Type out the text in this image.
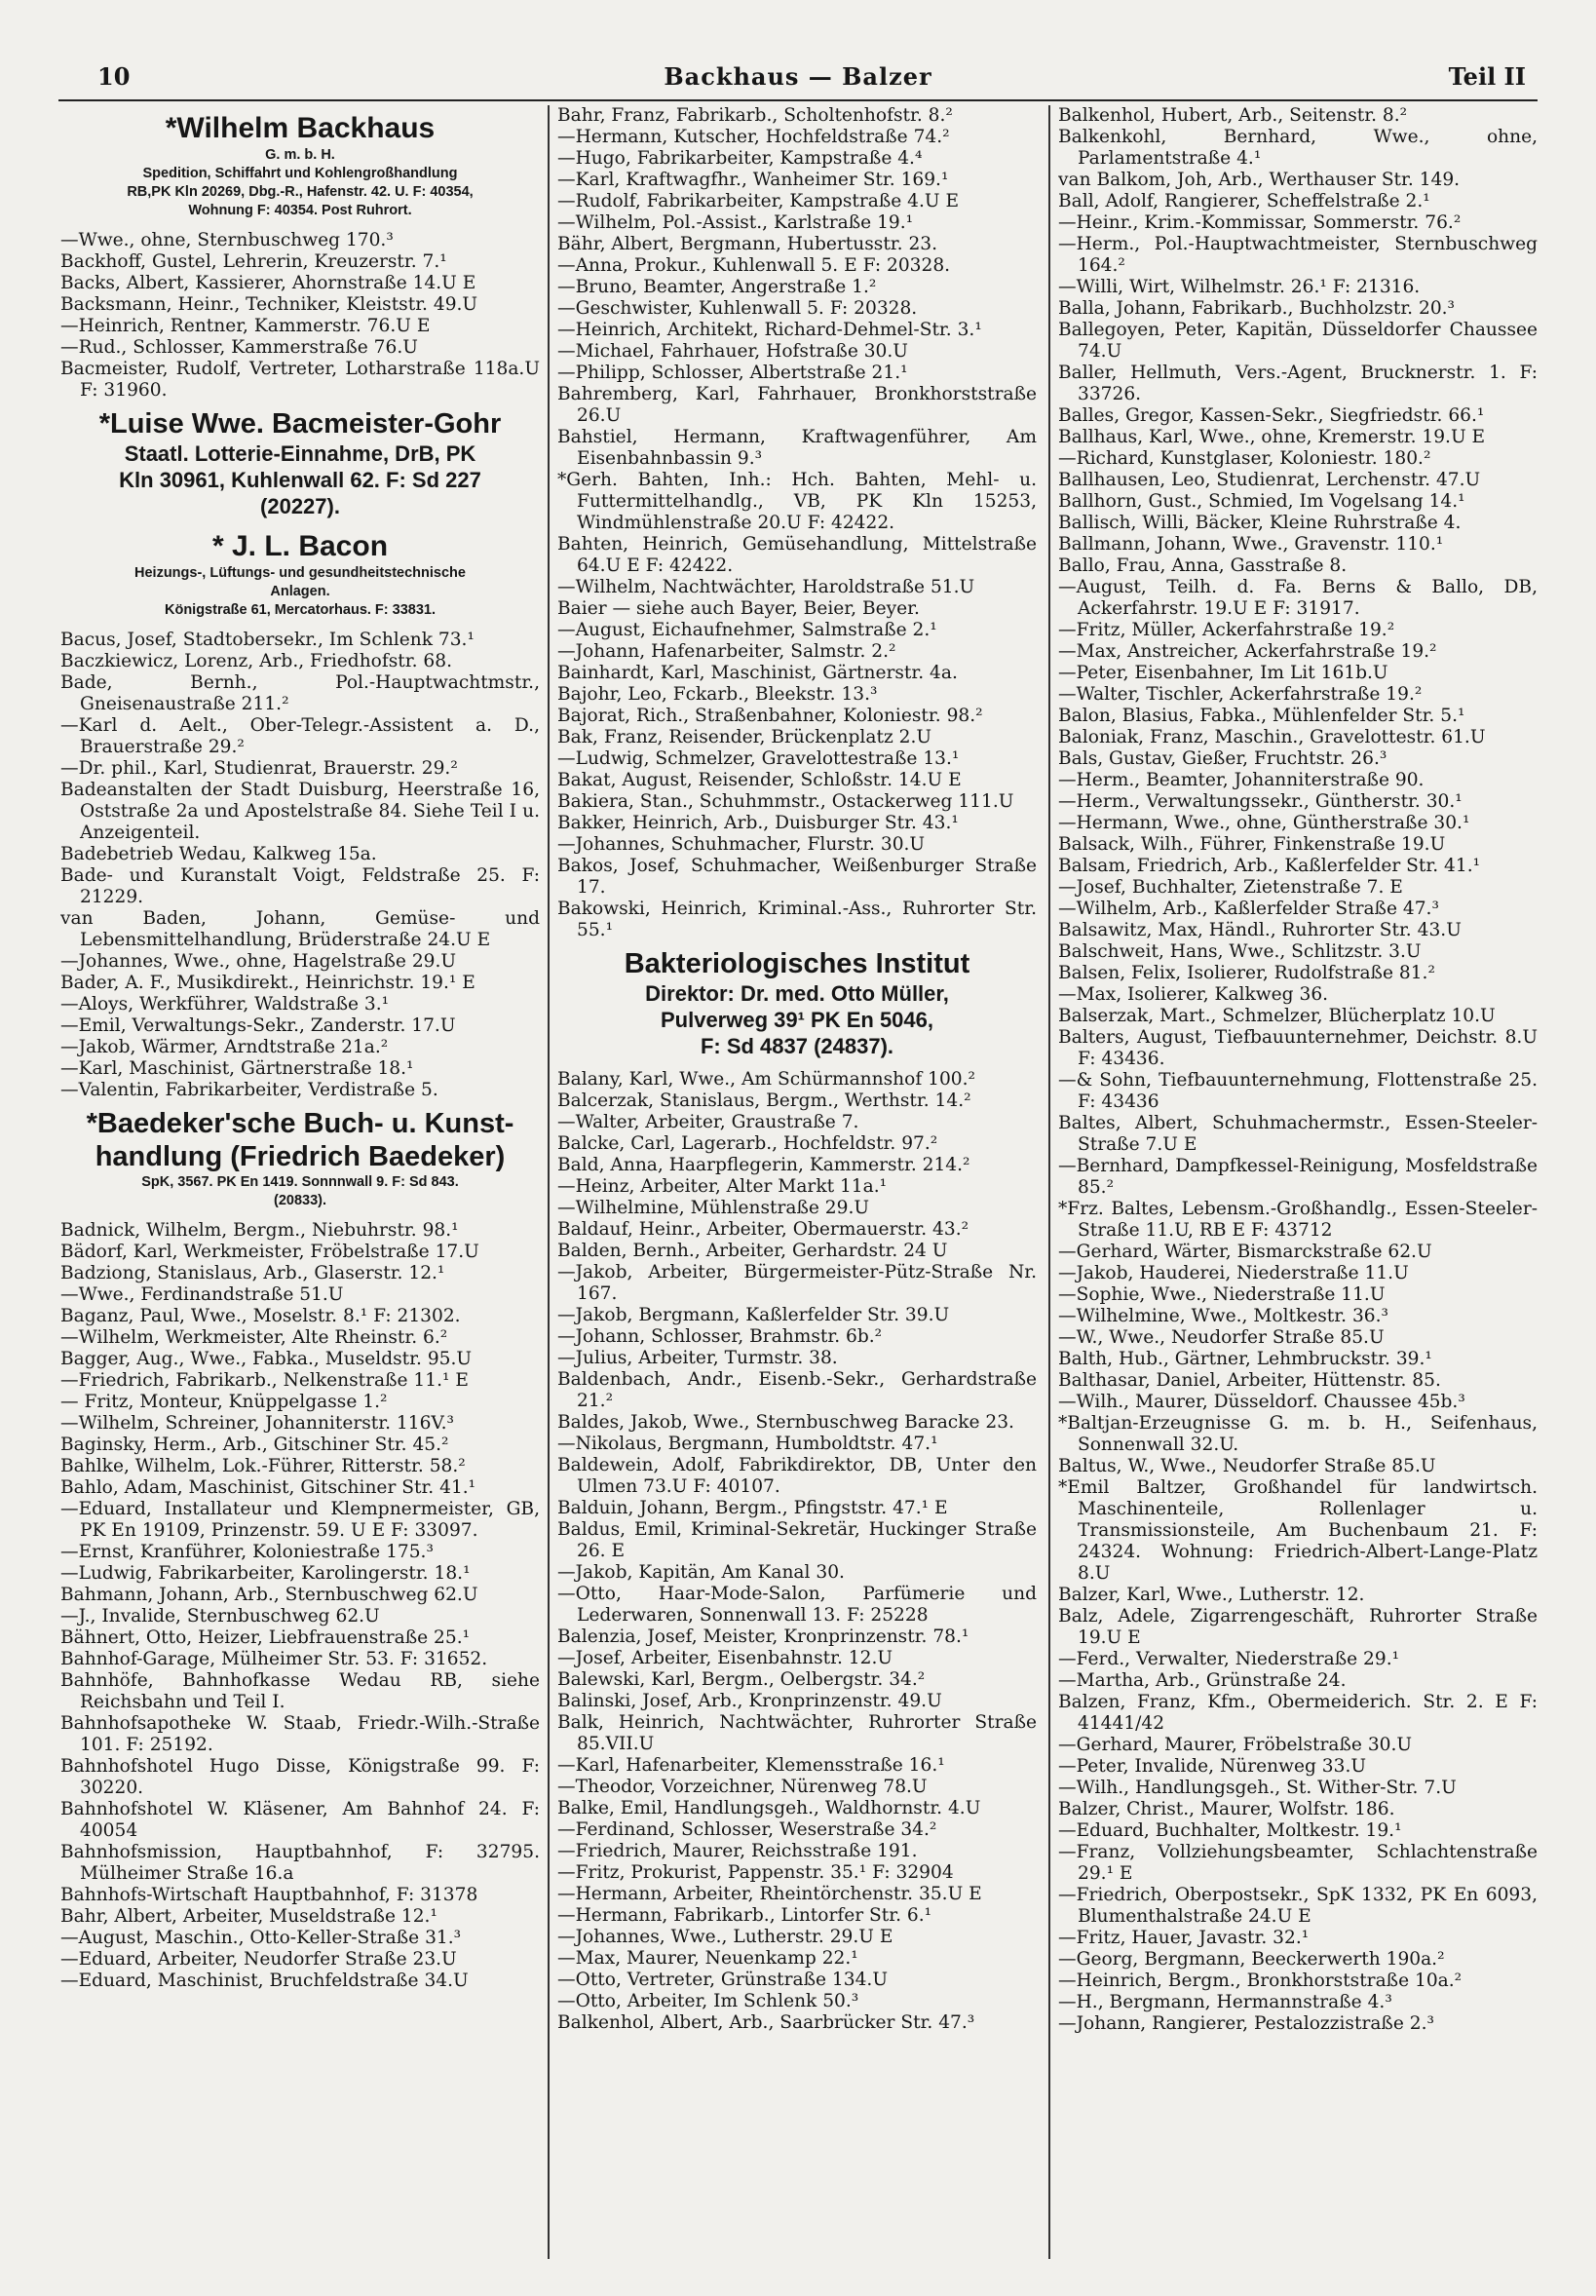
10	Backhaus — Balzer	Teil II
*Wilhelm Backhaus
G. m. b. H.
Spedition, Schiffahrt und Kohlengroßhandlung
RB,PK Kln 20269, Dbg.-R., Hafenstr. 42. U. F: 40354,
Wohnung F: 40354. Post Ruhrort.
—Wwe., ohne, Sternbuschweg 170.³
Backhoff, Gustel, Lehrerin, Kreuzerstr. 7.¹
Backs, Albert, Kassierer, Ahornstraße 14.U E
Backsmann, Heinr., Techniker, Kleiststr. 49.U
—Heinrich, Rentner, Kammerstr. 76.U E
—Rud., Schlosser, Kammerstraße 76.U
Bacmeister, Rudolf, Vertreter, Lotharstraße 118a.U F: 31960.
*Luise Wwe. Bacmeister-Gohr
Staatl. Lotterie-Einnahme, DrB, PK
Kln 30961, Kuhlenwall 62. F: Sd 227
(20227).
* J. L. Bacon
Heizungs-, Lüftungs- und gesundheitstechnische
Anlagen.
Königstraße 61, Mercatorhaus. F: 33831.
Bacus, Josef, Stadtobersekr., Im Schlenk 73.¹
Baczkiewicz, Lorenz, Arb., Friedhofstr. 68.
Bade, Bernh., Pol.-Hauptwachtmstr., Gneisenaustraße 211.²
—Karl d. Aelt., Ober-Telegr.-Assistent a. D., Brauerstraße 29.²
—Dr. phil., Karl, Studienrat, Brauerstr. 29.²
Badeanstalten der Stadt Duisburg, Heerstraße 16, Oststraße 2a und Apostelstraße 84. Siehe Teil I u. Anzeigenteil.
Badebetrieb Wedau, Kalkweg 15a.
Bade- und Kuranstalt Voigt, Feldstraße 25. F: 21229.
van Baden, Johann, Gemüse- und Lebensmittelhandlung, Brüderstraße 24.U E
—Johannes, Wwe., ohne, Hagelstraße 29.U
Bader, A. F., Musikdirekt., Heinrichstr. 19.¹ E
—Aloys, Werkführer, Waldstraße 3.¹
—Emil, Verwaltungs-Sekr., Zanderstr. 17.U
—Jakob, Wärmer, Arndtstraße 21a.²
—Karl, Maschinist, Gärtnerstraße 18.¹
—Valentin, Fabrikarbeiter, Verdistraße 5.
*Baedeker'sche Buch- u. Kunst-
handlung (Friedrich Baedeker)
SpK, 3567. PK En 1419. Sonnnwall 9. F: Sd 843.
(20833).
Badnick, Wilhelm, Bergm., Niebuhrstr. 98.¹
Bädorf, Karl, Werkmeister, Fröbelstraße 17.U
Badziong, Stanislaus, Arb., Glaserstr. 12.¹
—Wwe., Ferdinandstraße 51.U
Baganz, Paul, Wwe., Moselstr. 8.¹ F: 21302.
—Wilhelm, Werkmeister, Alte Rheinstr. 6.²
Bagger, Aug., Wwe., Fabka., Museldstr. 95.U
—Friedrich, Fabrikarb., Nelkenstraße 11.¹ E
— Fritz, Monteur, Knüppelgasse 1.²
—Wilhelm, Schreiner, Johanniterstr. 116V.³
Baginsky, Herm., Arb., Gitschiner Str. 45.²
Bahlke, Wilhelm, Lok.-Führer, Ritterstr. 58.²
Bahlo, Adam, Maschinist, Gitschiner Str. 41.¹
—Eduard, Installateur und Klempnermeister, GB, PK En 19109, Prinzenstr. 59. U E F: 33097.
—Ernst, Kranführer, Koloniestraße 175.³
—Ludwig, Fabrikarbeiter, Karolingerstr. 18.¹
Bahmann, Johann, Arb., Sternbuschweg 62.U
—J., Invalide, Sternbuschweg 62.U
Bähnert, Otto, Heizer, Liebfrauenstraße 25.¹
Bahnhof-Garage, Mülheimer Str. 53. F: 31652.
Bahnhöfe, Bahnhofkasse Wedau RB, siehe Reichsbahn und Teil I.
Bahnhofsapotheke W. Staab, Friedr.-Wilh.-Straße 101. F: 25192.
Bahnhofshotel Hugo Disse, Königstraße 99. F: 30220.
Bahnhofshotel W. Kläsener, Am Bahnhof 24. F: 40054
Bahnhofsmission, Hauptbahnhof, F: 32795. Mülheimer Straße 16.a
Bahnhofs-Wirtschaft Hauptbahnhof, F: 31378
Bahr, Albert, Arbeiter, Museldstraße 12.¹
—August, Maschin., Otto-Keller-Straße 31.³
—Eduard, Arbeiter, Neudorfer Straße 23.U
—Eduard, Maschinist, Bruchfeldstraße 34.U
Bahr, Franz, Fabrikarb., Scholtenhofstr. 8.²
—Hermann, Kutscher, Hochfeldstraße 74.²
—Hugo, Fabrikarbeiter, Kampstraße 4.⁴
—Karl, Kraftwagfhr., Wanheimer Str. 169.¹
—Rudolf, Fabrikarbeiter, Kampstraße 4.U E
—Wilhelm, Pol.-Assist., Karlstraße 19.¹
Bähr, Albert, Bergmann, Hubertusstr. 23.
—Anna, Prokur., Kuhlenwall 5. E F: 20328.
—Bruno, Beamter, Angerstraße 1.²
—Geschwister, Kuhlenwall 5. F: 20328.
—Heinrich, Architekt, Richard-Dehmel-Str. 3.¹
—Michael, Fahrhauer, Hofstraße 30.U
—Philipp, Schlosser, Albertstraße 21.¹
Bahremberg, Karl, Fahrhauer, Bronkhorststraße 26.U
Bahstiel, Hermann, Kraftwagenführer, Am Eisenbahnbassin 9.³
*Gerh. Bahten, Inh.: Hch. Bahten, Mehl- u. Futtermittelhandlg., VB, PK Kln 15253, Windmühlenstraße 20.U F: 42422.
Bahten, Heinrich, Gemüsehandlung, Mittelstraße 64.U E F: 42422.
—Wilhelm, Nachtwächter, Haroldstraße 51.U
Baier — siehe auch Bayer, Beier, Beyer.
—August, Eichaufnehmer, Salmstraße 2.¹
—Johann, Hafenarbeiter, Salmstr. 2.²
Bainhardt, Karl, Maschinist, Gärtnerstr. 4a.
Bajohr, Leo, Fckarb., Bleekstr. 13.³
Bajorat, Rich., Straßenbahner, Koloniestr. 98.²
Bak, Franz, Reisender, Brückenplatz 2.U
—Ludwig, Schmelzer, Gravelottestraße 13.¹
Bakat, August, Reisender, Schloßstr. 14.U E
Bakiera, Stan., Schuhmmstr., Ostackerweg 111.U
Bakker, Heinrich, Arb., Duisburger Str. 43.¹
—Johannes, Schuhmacher, Flurstr. 30.U
Bakos, Josef, Schuhmacher, Weißenburger Straße 17.
Bakowski, Heinrich, Kriminal.-Ass., Ruhrorter Str. 55.¹
Bakteriologisches Institut
Direktor: Dr. med. Otto Müller,
Pulverweg 39¹ PK En 5046,
F: Sd 4837 (24837).
Balany, Karl, Wwe., Am Schürmannshof 100.²
Balcerzak, Stanislaus, Bergm., Werthstr. 14.²
—Walter, Arbeiter, Graustraße 7.
Balcke, Carl, Lagerarb., Hochfeldstr. 97.²
Bald, Anna, Haarpflegerin, Kammerstr. 214.²
—Heinz, Arbeiter, Alter Markt 11a.¹
—Wilhelmine, Mühlenstraße 29.U
Baldauf, Heinr., Arbeiter, Obermauerstr. 43.²
Balden, Bernh., Arbeiter, Gerhardstr. 24 U
—Jakob, Arbeiter, Bürgermeister-Pütz-Straße Nr. 167.
—Jakob, Bergmann, Kaßlerfelder Str. 39.U
—Johann, Schlosser, Brahmstr. 6b.²
—Julius, Arbeiter, Turmstr. 38.
Baldenbach, Andr., Eisenb.-Sekr., Gerhardstraße 21.²
Baldes, Jakob, Wwe., Sternbuschweg Baracke 23.
—Nikolaus, Bergmann, Humboldtstr. 47.¹
Baldewein, Adolf, Fabrikdirektor, DB, Unter den Ulmen 73.U F: 40107.
Balduin, Johann, Bergm., Pfingststr. 47.¹ E
Baldus, Emil, Kriminal-Sekretär, Huckinger Straße 26. E
—Jakob, Kapitän, Am Kanal 30.
—Otto, Haar-Mode-Salon, Parfümerie und Lederwaren, Sonnenwall 13. F: 25228
Balenzia, Josef, Meister, Kronprinzenstr. 78.¹
—Josef, Arbeiter, Eisenbahnstr. 12.U
Balewski, Karl, Bergm., Oelbergstr. 34.²
Balinski, Josef, Arb., Kronprinzenstr. 49.U
Balk, Heinrich, Nachtwächter, Ruhrorter Straße 85.VII.U
—Karl, Hafenarbeiter, Klemensstraße 16.¹
—Theodor, Vorzeichner, Nürenweg 78.U
Balke, Emil, Handlungsgeh., Waldhornstr. 4.U
—Ferdinand, Schlosser, Weserstraße 34.²
—Friedrich, Maurer, Reichsstraße 191.
—Fritz, Prokurist, Pappenstr. 35.¹ F: 32904
—Hermann, Arbeiter, Rheintörchenstr. 35.U E
—Hermann, Fabrikarb., Lintorfer Str. 6.¹
—Johannes, Wwe., Lutherstr. 29.U E
—Max, Maurer, Neuenkamp 22.¹
—Otto, Vertreter, Grünstraße 134.U
—Otto, Arbeiter, Im Schlenk 50.³
Balkenhol, Albert, Arb., Saarbrücker Str. 47.³
Balkenhol, Hubert, Arb., Seitenstr. 8.²
Balkenkohl, Bernhard, Wwe., ohne, Parlamentstraße 4.¹
van Balkom, Joh, Arb., Werthauser Str. 149.
Ball, Adolf, Rangierer, Scheffelstraße 2.¹
—Heinr., Krim.-Kommissar, Sommerstr. 76.²
—Herm., Pol.-Hauptwachtmeister, Sternbuschweg 164.²
—Willi, Wirt, Wilhelmstr. 26.¹ F: 21316.
Balla, Johann, Fabrikarb., Buchholzstr. 20.³
Ballegoyen, Peter, Kapitän, Düsseldorfer Chaussee 74.U
Baller, Hellmuth, Vers.-Agent, Brucknerstr. 1. F: 33726.
Balles, Gregor, Kassen-Sekr., Siegfriedstr. 66.¹
Ballhaus, Karl, Wwe., ohne, Kremerstr. 19.U E
—Richard, Kunstglaser, Koloniestr. 180.²
Ballhausen, Leo, Studienrat, Lerchenstr. 47.U
Ballhorn, Gust., Schmied, Im Vogelsang 14.¹
Ballisch, Willi, Bäcker, Kleine Ruhrstraße 4.
Ballmann, Johann, Wwe., Gravenstr. 110.¹
Ballo, Frau, Anna, Gasstraße 8.
—August, Teilh. d. Fa. Berns & Ballo, DB, Ackerfahrstr. 19.U E F: 31917.
—Fritz, Müller, Ackerfahrstraße 19.²
—Max, Anstreicher, Ackerfahrstraße 19.²
—Peter, Eisenbahner, Im Lit 161b.U
—Walter, Tischler, Ackerfahrstraße 19.²
Balon, Blasius, Fabka., Mühlenfelder Str. 5.¹
Baloniak, Franz, Maschin., Gravelottestr. 61.U
Bals, Gustav, Gießer, Fruchtstr. 26.³
—Herm., Beamter, Johanniterstraße 90.
—Herm., Verwaltungssekr., Güntherstr. 30.¹
—Hermann, Wwe., ohne, Güntherstraße 30.¹
Balsack, Wilh., Führer, Finkenstraße 19.U
Balsam, Friedrich, Arb., Kaßlerfelder Str. 41.¹
—Josef, Buchhalter, Zietenstraße 7. E
—Wilhelm, Arb., Kaßlerfelder Straße 47.³
Balsawitz, Max, Händl., Ruhrorter Str. 43.U
Balschweit, Hans, Wwe., Schlitzstr. 3.U
Balsen, Felix, Isolierer, Rudolfstraße 81.²
—Max, Isolierer, Kalkweg 36.
Balserzak, Mart., Schmelzer, Blücherplatz 10.U
Balters, August, Tiefbauunternehmer, Deichstr. 8.U F: 43436.
—& Sohn, Tiefbauunternehmung, Flottenstraße 25. F: 43436
Baltes, Albert, Schuhmachermstr., Essen-Steeler-Straße 7.U E
—Bernhard, Dampfkessel-Reinigung, Mosfeldstraße 85.²
*Frz. Baltes, Lebensm.-Großhandlg., Essen-Steeler-Straße 11.U, RB E F: 43712
—Gerhard, Wärter, Bismarckstraße 62.U
—Jakob, Hauderei, Niederstraße 11.U
—Sophie, Wwe., Niederstraße 11.U
—Wilhelmine, Wwe., Moltkestr. 36.³
—W., Wwe., Neudorfer Straße 85.U
Balth, Hub., Gärtner, Lehmbruckstr. 39.¹
Balthasar, Daniel, Arbeiter, Hüttenstr. 85.
—Wilh., Maurer, Düsseldorf. Chaussee 45b.³
*Baltjan-Erzeugnisse G. m. b. H., Seifenhaus, Sonnenwall 32.U.
Baltus, W., Wwe., Neudorfer Straße 85.U
*Emil Baltzer, Großhandel für landwirtsch. Maschinenteile, Rollenlager u. Transmissionsteile, Am Buchenbaum 21. F: 24324. Wohnung: Friedrich-Albert-Lange-Platz 8.U
Balzer, Karl, Wwe., Lutherstr. 12.
Balz, Adele, Zigarrengeschäft, Ruhrorter Straße 19.U E
—Ferd., Verwalter, Niederstraße 29.¹
—Martha, Arb., Grünstraße 24.
Balzen, Franz, Kfm., Obermeiderich. Str. 2. E F: 41441/42
—Gerhard, Maurer, Fröbelstraße 30.U
—Peter, Invalide, Nürenweg 33.U
—Wilh., Handlungsgeh., St. Wither-Str. 7.U
Balzer, Christ., Maurer, Wolfstr. 186.
—Eduard, Buchhalter, Moltkestr. 19.¹
—Franz, Vollziehungsbeamter, Schlachtenstraße 29.¹ E
—Friedrich, Oberpostsekr., SpK 1332, PK En 6093, Blumenthalstraße 24.U E
—Fritz, Hauer, Javastr. 32.¹
—Georg, Bergmann, Beeckerwerth 190a.²
—Heinrich, Bergm., Bronkhorststraße 10a.²
—H., Bergmann, Hermannstraße 4.³
—Johann, Rangierer, Pestalozzistraße 2.³
